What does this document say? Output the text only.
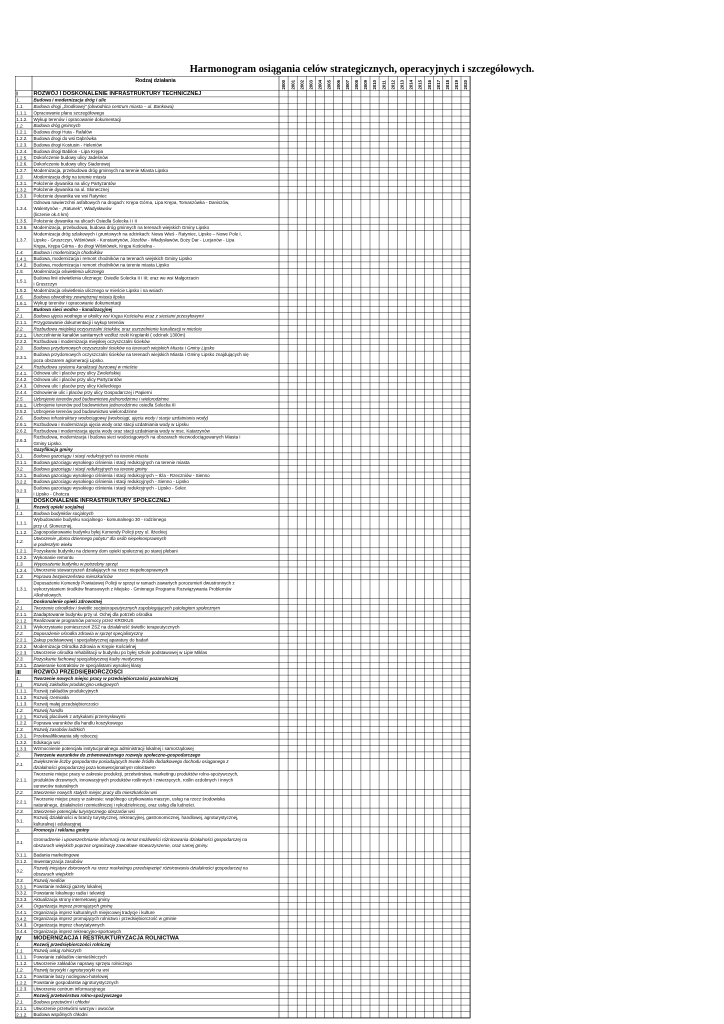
Harmonogram osiągania celów strategicznych, operacyjnych i szczegółowych.
Rodzaj działania	2000 2001 2002 2003 2004 2005 2006 2007 2008 2009 2010 2011 2012 2013 2014 2015 2016 2017 2018 2019 2020
I	ROZWÓJ I DOSKONALENIE INFRASTRUKTURY TECHNICZNEJ
1.	Budowa i modernizacja dróg i ulic
1.1. Budowa drogi „Środkowej" (obwodnica centrum miasta – ul. Bankowa)
1.1.1. Opracowanie planu szczegółowego
1.1.2. Wykup terenów i opracowanie dokumentacji
1.2. Budowa dróg gminnych
1.2.1. Budowa drogi Huta - Rafałów
1.2.2. Budowa drogi do wsi Dąbrówka
1.2.3. Budowa drogi Kostusin - Heleniów
1.2.4. Budowa drogi Babilon - Lipa Krępa
1.2.5. Dokończenie budowy ulicy Jadeśnów
1.2.6. Dokończenie budowy ulicy Siadorowej
1.2.7. Modernizacja, przebudowa dróg gminnych na terenie Miasta Lipsko
1.3. Modernizacja dróg na terenie miasta
1.3.1. Położenie dywanika na ulicy Partyzantów
1.3.2. Położenie dywanika na ul. Słonecznej
1.3.3. Położenie dywanika we wsi Ratyniec
1.3.4.
Odnowa nawierzchni asfaltowych na drogach: Krępa Górna, Lipa Krępa, Tomaszówka - Daniszów,
Walentynów - „Ratunek", Władysławów
(liczenie ok.4 km)
1.3.5. Położenie dywanika na ulicach Osiedla Solecka I i II
1.3.6. Modernizacja, przebudowa, budowa dróg gminnych na terenach wiejskich Gminy Lipsko
1.3.7.
Modernizacja dróg szlakowych i gruntowych na odcinkach: Nowa Wieś - Ratyniec, Lipsko – Nowe Pole I,
Lipsko - Gruszczyn, Wiśniówek - Konstantynów, Józefów - Władysławów, Boży Dar - Lucjanów - Lipa
Krępa, Krępa Górna - do drogi Wiśniówek, Krępa Kościelna -
1.4. Budowa i modernizacja chodników
1.4.1. Budowa, modernizacja i remont chodników na terenach wiejskich Gminy Lipsko
1.4.2. Budowa, modernizacja i remont chodników na terenie miasta Lipsko
1.5. Modernizacja oświetlenia ulicznego
1.5.1.
Budowa linii oświetlenia ulicznego: Osiedle Solecka II i III; oraz we wsi Małgorzacin
i Gruszczyn
1.5.2. Modernizacja oświetlenia ulicznego w mieście Lipsko i na wsiach
1.6. Budowa obwodnicy zewnętrznej miasta lipska
1.6.1. Wykup terenów i opracowanie dokumentacji
2.	Budowa sieci wodno - kanalizacyjnej
2.1. Budowa ujęcia wodnego w okolicy wsi Krępa Kościelna wraz z sieciami przesyłowymi
2.1.1. Przygotowanie dokumentacji i wykup terenów
2.2. Rozbudowa miejskiej oczyszczalni ścieków, oraz uszczelnienie kanalizacji w mieście
2.2.1. Uszczelnienie kanałów sanitarnych wzdłuż rzeki Krępianki ( odcinek 1300m)
2.2.2. Rozbudowa i modernizacja miejskiej oczyszczalni ścieków
2.3. Budowa przydomowych oczyszczalni ścieków na terenach wiejskich Miasta i Gminy Lipsko
2.3.1.
Budowa przydomowych oczyszczalni ścieków na terenach wiejskich Miasta i Gminy Lipsko znajdujących się
poza obszarem aglomeracji Lipsko.
2.4. Rozbudowa systemu kanalizacji burzowej w mieście
2.4.1. Odnowa ulic i placów przy ulicy Zwoleńskiej
2.4.2. Odnowa ulic i placów przy ulicy Partyzantów
2.4.3. Odnowa ulic i placów przy ulicy Kielieckiego
2.4.4. Odnowienie ulic i placów przy ulicy Gospodarczej i Papierni
2.5. Uzbrojenie terenów pod budownictwo jednorodzinne i wielorodzinne
2.5.1. Uzbrojenie terenów pod budownictwo jednorodzinne osiedla Solecka III
2.5.2. Uzbrojenie terenów pod budownictwo wielorodzinne
2.6. Budowa infrastruktury wodociągowej (wodociągi, ujęcia wody i stacje uzdatniania wody)
2.6.1. Rozbudowa i modernizacja ujęcia wody oraz stacji uzdatniania wody w Lipsku
2.6.2. Rozbudowa i modernizacja ujęcia wody oraz stacji uzdatniania wody w msc. Katarzynów
2.6.3.
Rozbudowa, modernizacja i budowa sieci wodociągowych na obszarach niezwodociągowanych Miasta i
Gminy Lipsko.
3.	Gazyfikacja gminy
3.1. Budowa gazociągu i stacji redukcyjnych na terenie miasta
3.1.1. Budowa gazociągu wysokiego ciśnienia i stacji redukcyjnych na terenie miasta
3.2. Budowa gazociągu i stacji redukcyjnych na terenie gminy
3.2.1. Budowa gazociągu wysokiego ciśnienia i stacji redukcyjnych – Iłża - Rzeczniów - Sienno
3.2.2. Budowa gazociągu wysokiego ciśnienia i stacji redukcyjnych - Sienno - Lipsko
3.2.3.
Budowa gazociągu wysokiego ciśnienia i stacji redukcyjnych - Lipsko - Solec
i Lipsko - Chotcza
II	DOSKONALENIE INFRASTRUKTURY SPOŁECZNEJ
1.	Rozwój opieki socjalnej
1.1. Budowa budynków socjalnych
1.1.1.
Wybudowanie budynku socjalnego - komunalnego 30 - rodzinnego
przy ul. Słonecznej.
1.1.2. Zagospodarowanie budynku byłej Komendy Policji przy ul. Iłżeckiej
1.2.
Utworzenie „domu dziennego pobytu" dla osób niepełnosprawnych
w podeszłym wieku
1.2.1. Pozyskanie budynku na dzienny dom opieki społecznej po starej plebani
1.2.2. Wykonanie remontu
1.3. Wyposażenie budynku w potrzebny sprzęt
1.2.4. Utworzenie stowarzyszeń działających na rzecz niepełnosprawnych
1.3. Poprawa bezpieczeństwa mieszkańców
1.3.1.
Doposażenie Komendy Powiatowej Policji w sprzęt w ramach zawartych porozumień dwustronnych z
wykorzystaniem środków finansowych z Miejsko - Gminnego Programu Rozwiązywania Problemów
Alkoholowych.
2.	Doskonalenie opieki zdrowotnej
2.1. Tworzenie ośrodków i świetlic socjoterapeutycznych zapobiegających patologiom społecznym
2.1.1. Zaadaptowanie budynku przy ul. Ochej dla potrzeb ośrodka
2.1.2. Realizowanie programów pomocy przez KROKUS
2.1.3. Wykorzystanie pomieszczeń ZSZ na działalność świetlic terapeutycznych
2.2. Doposażenie ośrodka zdrowia w sprzęt specjalistyczny
2.2.1. Zakup podstawowej i specjalistycznej aparatury do badań
2.2.2. Modernizacja Ośrodka Zdrowia w Krępie Kościelnej
2.2.3. Utworzenie ośrodka rehabilitacji w budynku po byłej szkole podstawowej w Lipie Miklas
2.3. Pozyskanie fachowej specjalistycznej kadry medycznej
2.3.1. Zawieranie kontraktów ze specjalistami wysokiej klasy
III ROZWÓJ PRZEDSIĘBIORCZOŚCI
1.	Tworzenie nowych miejsc pracy w przedsiębiorczości pozarolniczej
1.1. Rozwój zakładów produkcyjno-usługowych
1.1.1. Rozwój zakładów produkcyjnych
1.1.2. Rozwój rzemiosła
1.1.3. Rozwój małej przedsiębiorczości
1.2. Rozwój handlu
1.2.1. Rozwój placówek z artykułami przemysłowymi
1.2.2. Poprawa warunków dla handlu koszykowego
1.3. Rozwój zasobów ludzkich
1.3.1. Przekwalifikowania siły roboczej
1.3.2. Edukacja wsi
1.3.3. Wzmocnienie potencjału instytucjonalnego administracji lokalnej i samorządowej
2.	Tworzenie warunków do zrównoważonego rozwoju społeczno-gospodarczego
2.1.
Zwiększenie liczby gospodarstw posiadających trwałe źródła dodatkowego dochodu osiąganego z
działalności gospodarczej poza konwencjonalnym rolnictwem
2.1.1.
Tworzenie miejsc pracy w zakresie produkcji, przetwórstwa, marketingu produktów rolno-spożywczych,
produktów drzewnych, innowacyjnych produktów roślinnych i zwierzęcych, roślin ozdobnych i innych
surowców naturalnych
2.2. Stworzenie nowych stałych miejsc pracy dla mieszkańców wsi
2.2.1.
Tworzenie miejsc pracy w zakresie: wspólnego użytkowania maszyn, usług na rzecz środowiska
naturalnego, działalności rzemieślniczej i rękodzielniczej, oraz usług dla ludności.
2.3. Stworzenie potencjału turystycznego obszarów wsi
3.1.
Rozwój działalności w branży turystycznej, rekreacyjnej, gastronomicznej, handlowej, agroturystycznej,
kulturalnej i edukacyjnej
3.	Promocja i reklama gminy
3.1.
Gromadzenie i upowszechnianie informacji na temat możliwości różnicowania działalności gospodarczej na
obszarach wiejskich poprzez organizację zawodowe stowarzyszenie, oraz samej gminy.
3.1.1. Badania marketingowe
3.1.2. Inwentaryzacja zasobów
3.2.
Rozwój inicjatyw zbiorowych na rzecz marketingu przedsięwzięć różnicowania działalności gospodarczej na
obszarach wiejskich
3.3. Rozwój mediów
3.3.1. Powstanie redakcji gazety lokalnej
3.3.2. Powstanie lokalnego radia i telewizji
3.3.3. Aktualizacja strony internetowej gminy
3.4. Organizacja imprez promujących gminę
3.4.1. Organizacja imprez kulturalnych miejscowej tradycje i kulture
3.4.2. Organizacja imprez promujących rolnictwo i przedsiębiorczość w gminie
3.4.3. Organizacja imprez charytatywnych
3.4.4. Organizacja imprez rekreacyjno-sportowych
IV MODERNIZACJA I RESTRUKTURYZACJA ROLNICTWA
1.	Rozwój przedsiębiorczości rolniczej
1.1. Rozwój usług rolniczych
1.1.1. Powstanie zakładów ciemieślniczych
1.1.2. Utworzenie zakładów naprawy sprzętu rolniczego
1.2. Rozwój turystyki i agroturystyki na wsi
1.2.1. Powstanie bazy noclegowo-hotelowej
1.2.2. Powstanie gospodarstw agroturystycznych
1.2.3. Utworzenie centrum informacyjnego
2.	Rozwój przetwórstwa rolno-spożywczego
2.1. Budowa przetwórni i chłodni
2.1.1. Utworzenie przetwórni warzyw i owoców
2.1.2. Budowa wspólnych chłodni
